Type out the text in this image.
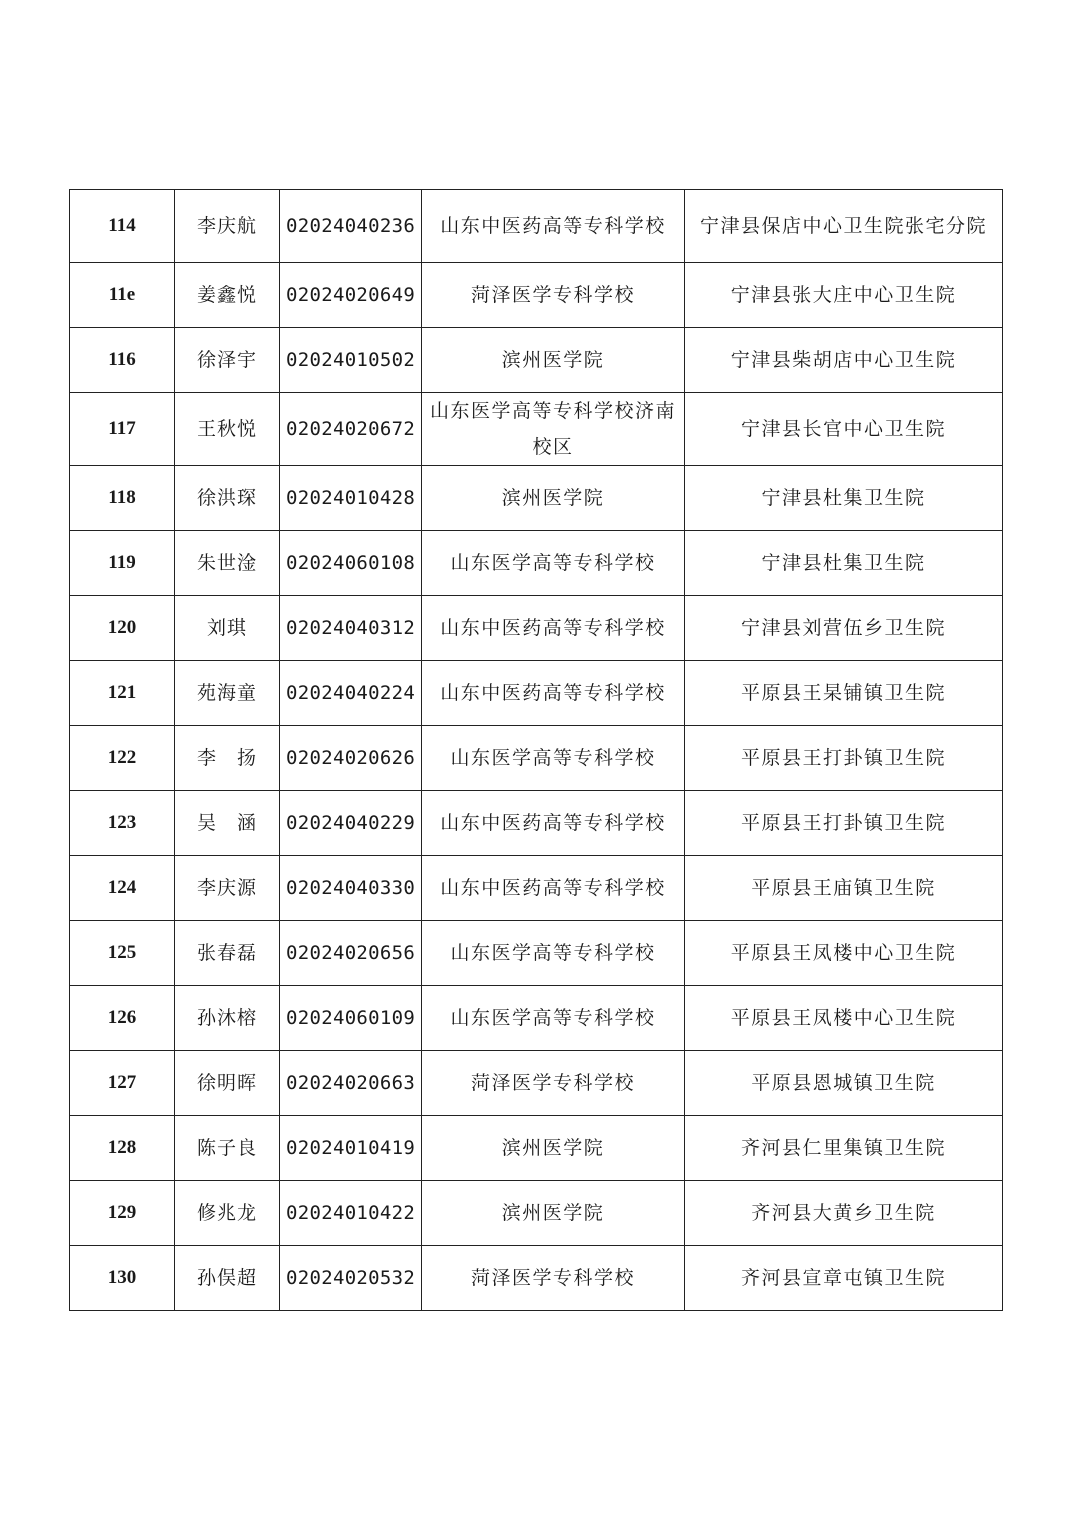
114	李庆航	02024040236	山东中医药高等专科学校	宁津县保店中心卫生院张宅分院
11е	姜鑫悦	02024020649	菏泽医学专科学校	宁津县张大庄中心卫生院
116	徐泽宇	02024010502	滨州医学院	宁津县柴胡店中心卫生院
117	王秋悦	02024020672	山东医学高等专科学校济南校区	宁津县长官中心卫生院
118	徐洪琛	02024010428	滨州医学院	宁津县杜集卫生院
119	朱世淦	02024060108	山东医学高等专科学校	宁津县杜集卫生院
120	刘琪	02024040312	山东中医药高等专科学校	宁津县刘营伍乡卫生院
121	苑海童	02024040224	山东中医药高等专科学校	平原县王杲铺镇卫生院
122	李　扬	02024020626	山东医学高等专科学校	平原县王打卦镇卫生院
123	吴　涵	02024040229	山东中医药高等专科学校	平原县王打卦镇卫生院
124	李庆源	02024040330	山东中医药高等专科学校	平原县王庙镇卫生院
125	张春磊	02024020656	山东医学高等专科学校	平原县王凤楼中心卫生院
126	孙沐榕	02024060109	山东医学高等专科学校	平原县王凤楼中心卫生院
127	徐明晖	02024020663	菏泽医学专科学校	平原县恩城镇卫生院
128	陈子良	02024010419	滨州医学院	齐河县仁里集镇卫生院
129	修兆龙	02024010422	滨州医学院	齐河县大黄乡卫生院
130	孙俣超	02024020532	菏泽医学专科学校	齐河县宣章屯镇卫生院
